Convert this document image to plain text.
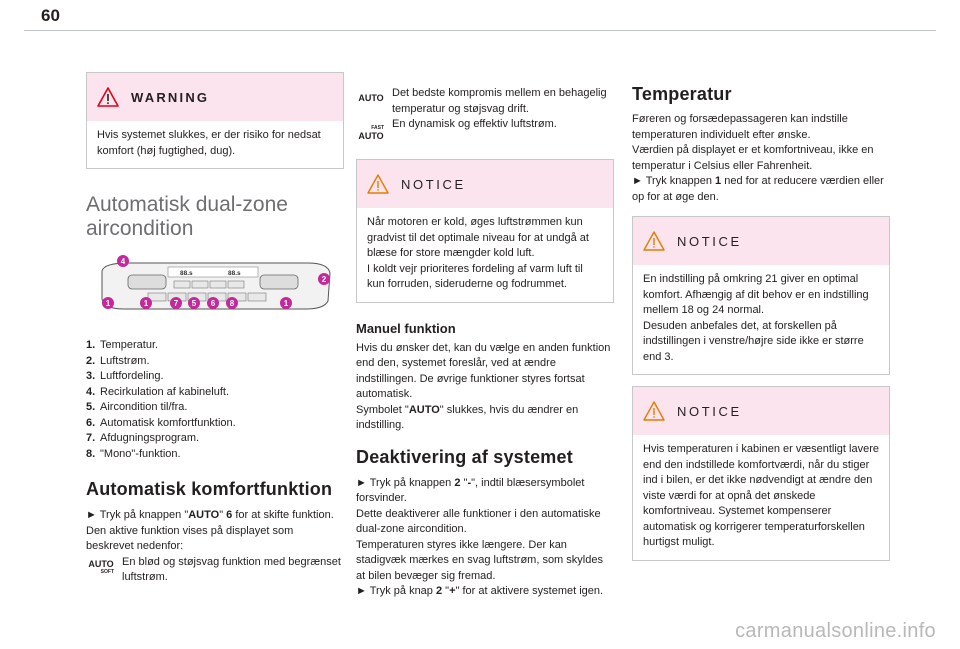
60
WARNING

Hvis systemet slukkes, er der risiko for nedsat komfort (høj fugtighed, dug).

Automatisk dual-zone aircondition
88.s	88.s
4
2
1	1	7 5 6 8	1
1. Temperatur.
2. Luftstrøm.
3. Luftfordeling.
4. Recirkulation af kabineluft.
5. Aircondition til/fra.
6. Automatisk komfortfunktion.
7. Afdugningsprogram.
8. "Mono"-funktion.
Automatisk komfortfunktion

► Tryk på knappen "AUTO" 6 for at skifte funktion.
Den aktive funktion vises på displayet som beskrevet nedenfor:

AUTO
SOFT

En blød og støjsvag funktion med begrænset luftstrøm.

AUTO Det bedste kompromis mellem en behagelig temperatur og støjsvag drift.

FAST
AUTO

En dynamisk og effektiv luftstrøm.

NOTICE

Når motoren er kold, øges luftstrømmen kun gradvist til det optimale niveau for at undgå at blæse for store mængder kold luft.
I koldt vejr prioriteres fordeling af varm luft til kun forruden, sideruderne og fodrummet.

Manuel funktion

Hvis du ønsker det, kan du vælge en anden funktion end den, systemet foreslår, ved at ændre indstillingen. De øvrige funktioner styres fortsat automatisk.
Symbolet "AUTO" slukkes, hvis du ændrer en indstilling.

Deaktivering af systemet

► Tryk på knappen 2 "-", indtil blæsersymbolet forsvinder.
Dette deaktiverer alle funktioner i den automatiske dual-zone aircondition.
Temperaturen styres ikke længere. Der kan stadigvæk mærkes en svag luftstrøm, som skyldes at bilen bevæger sig fremad.

► Tryk på knap 2 "+" for at aktivere systemet igen.

Temperatur

Føreren og forsædepassageren kan indstille temperaturen individuelt efter ønske.
Værdien på displayet er et komfortniveau, ikke en temperatur i Celsius eller Fahrenheit.
► Tryk knappen 1 ned for at reducere værdien eller op for at øge den.

NOTICE

En indstilling på omkring 21 giver en optimal komfort. Afhængig af dit behov er en indstilling mellem 18 og 24 normal.
Desuden anbefales det, at forskellen på indstillingen i venstre/højre side ikke er større end 3.

NOTICE

Hvis temperaturen i kabinen er væsentligt lavere end den indstillede komfortværdi, når du stiger ind i bilen, er det ikke nødvendigt at ændre den viste værdi for at opnå det ønskede komfortniveau. Systemet kompenserer automatisk og korrigerer temperaturforskellen hurtigst muligt.

carmanualsonline.info
